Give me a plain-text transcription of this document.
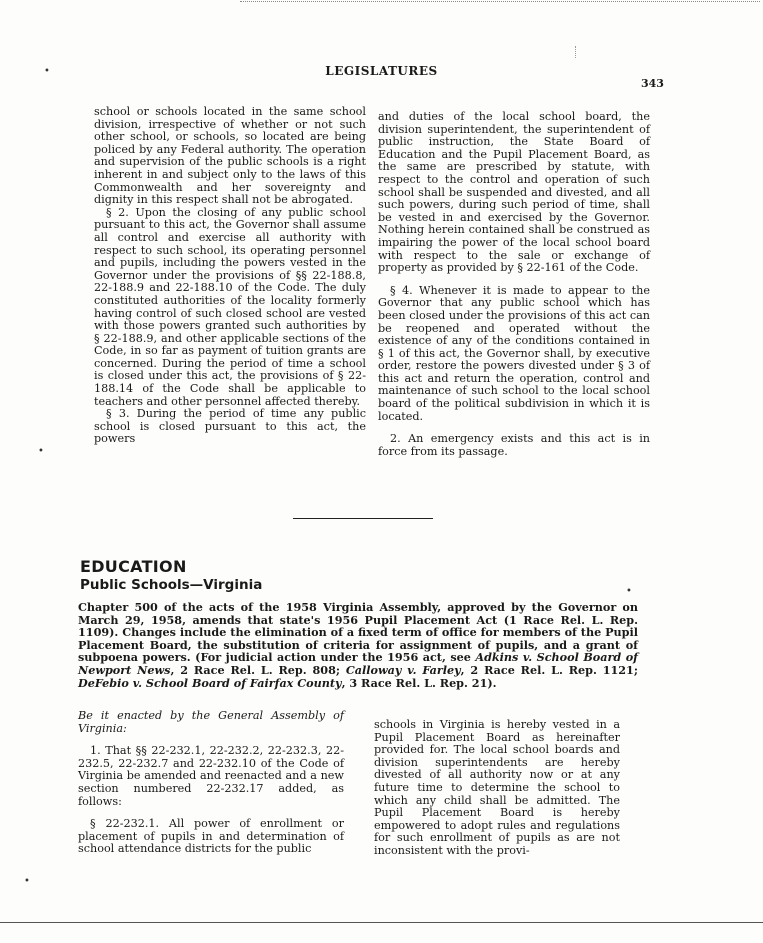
LEGISLATURES
343

school or schools located in the same school division, irrespective of whether or not such other school, or schools, so located are being policed by any Federal authority. The operation and supervision of the public schools is a right inherent in and subject only to the laws of this Commonwealth and her sovereignty and dignity in this respect shall not be abrogated.

§ 2. Upon the closing of any public school pursuant to this act, the Governor shall assume all control and exercise all authority with respect to such school, its operating personnel and pupils, including the powers vested in the Governor under the provisions of §§ 22-188.8, 22-188.9 and 22-188.10 of the Code. The duly constituted authorities of the locality formerly having control of such closed school are vested with those powers granted such authorities by § 22-188.9, and other applicable sections of the Code, in so far as payment of tuition grants are concerned. During the period of time a school is closed under this act, the provisions of § 22-188.14 of the Code shall be applicable to teachers and other personnel affected thereby.

§ 3. During the period of time any public school is closed pursuant to this act, the powers

and duties of the local school board, the division superintendent, the superintendent of public instruction, the State Board of Education and the Pupil Placement Board, as the same are prescribed by statute, with respect to the control and operation of such school shall be suspended and divested, and all such powers, during such period of time, shall be vested in and exercised by the Governor. Nothing herein contained shall be construed as impairing the power of the local school board with respect to the sale or exchange of property as provided by § 22-161 of the Code.

§ 4. Whenever it is made to appear to the Governor that any public school which has been closed under the provisions of this act can be reopened and operated without the existence of any of the conditions contained in § 1 of this act, the Governor shall, by executive order, restore the powers divested under § 3 of this act and return the operation, control and maintenance of such school to the local school board of the political subdivision in which it is located.

2. An emergency exists and this act is in force from its passage.

EDUCATION
Public Schools—Virginia
Chapter 500 of the acts of the 1958 Virginia Assembly, approved by the Governor on March 29, 1958, amends that state's 1956 Pupil Placement Act (1 Race Rel. L. Rep. 1109). Changes include the elimination of a fixed term of office for members of the Pupil Placement Board, the substitution of criteria for assignment of pupils, and a grant of subpoena powers. (For judicial action under the 1956 act, see Adkins v. School Board of Newport News, 2 Race Rel. L. Rep. 808; Calloway v. Farley, 2 Race Rel. L. Rep. 1121; DeFebio v. School Board of Fairfax County, 3 Race Rel. L. Rep. 21).

Be it enacted by the General Assembly of Virginia:

1. That §§ 22-232.1, 22-232.2, 22-232.3, 22-232.5, 22-232.7 and 22-232.10 of the Code of Virginia be amended and reenacted and a new section numbered 22-232.17 added, as follows:

§ 22-232.1. All power of enrollment or placement of pupils in and determination of school attendance districts for the public

schools in Virginia is hereby vested in a Pupil Placement Board as hereinafter provided for. The local school boards and division superintendents are hereby divested of all authority now or at any future time to determine the school to which any child shall be admitted. The Pupil Placement Board is hereby empowered to adopt rules and regulations for such enrollment of pupils as are not inconsistent with the provi-

•
•
•
•
